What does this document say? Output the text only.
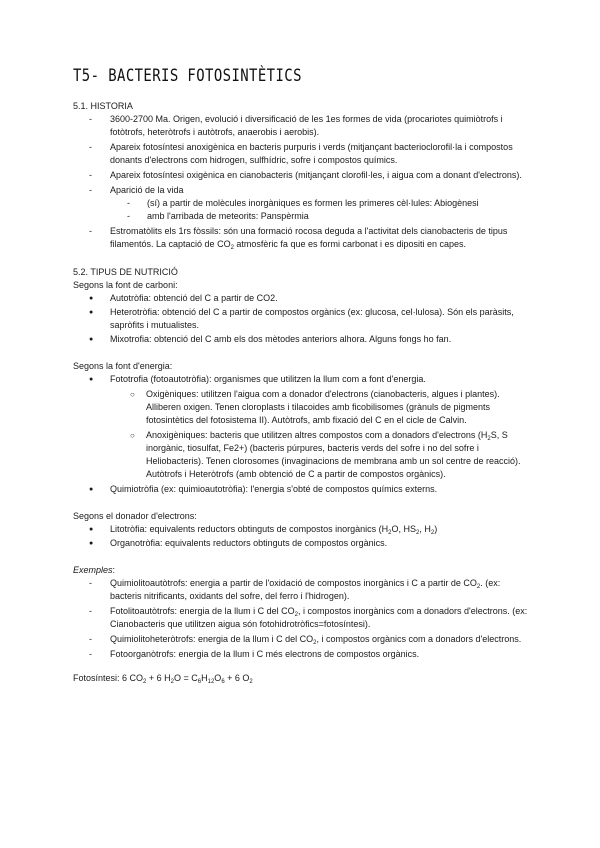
T5- BACTERIS FOTOSINTÈTICS

5.1. HISTORIA

- 3600-2700 Ma. Origen, evolució i diversificació de les 1es formes de vida (procariotes quimiòtrofs i fotòtrofs, heteròtrofs i autòtrofs, anaerobis i aerobis).
- Apareix fotosíntesi anoxigènica en bacteris purpuris i verds (mitjançant bacterioclorofil·la i compostos donants d'electrons com hidrogen, sulfhídric, sofre i compostos químics.
- Apareix fotosíntesi oxigènica en cianobacteris (mitjançant clorofil·les, i aigua com a donant d'electrons).
- Aparició de la vida
- (sí) a partir de molècules inorgàniques es formen les primeres cèl·lules: Abiogènesi
- amb l'arribada de meteorits: Panspèrmia
- Estromatòlits els 1rs fòssils: són una formació rocosa deguda a l'activitat dels cianobacteris de tipus filamentós. La captació de $CO_2$ atmosfèric fa que es formi carbonat i es dipositi en capes.

5.2. TIPUS DE NUTRICIÓ

Segons la font de carboni:

● Autotròfia: obtenció del C a partir de CO2.
● Heterotròfia: obtenció del C a partir de compostos orgànics (ex: glucosa, cel·lulosa). Són els paràsits, sapròfits i mutualistes.
● Mixotrofia: obtenció del C amb els dos mètodes anteriors alhora. Alguns fongs ho fan.

Segons la font d'energia:

● Fototrofia (fotoautotròfia): organismes que utilitzen la llum com a font d'energia.
○ Oxigèniques: utilitzen l'aigua com a donador d'electrons (cianobacteris, algues i plantes). Alliberen oxigen. Tenen cloroplasts i tilacoides amb ficobilisomes (grànuls de pigments fotosintètics del fotosistema II). Autòtrofs, amb fixació del C en el cicle de Calvin.
○ Anoxigèniques: bacteris que utilitzen altres compostos com a donadors d'electrons ($H_2S$, S inorgànic, tiosulfat, Fe2+) (bacteris púrpures, bacteris verds del sofre i no del sofre i Heliobacteris). Tenen clorosomes (invaginacions de membrana amb un sol centre de reacció). Autòtrofs i Heteròtrofs (amb obtenció de C a partir de compostos orgànics).
● Quimiotròfia (ex: quimioautotròfia): l'energia s'obté de compostos químics externs.

Segons el donador d'electrons:

● Litotròfia: equivalents reductors obtinguts de compostos inorgànics ($H_2O$, $HS_2$, $H_2$)
● Organotròfia: equivalents reductors obtinguts de compostos orgànics.

Exemples:

- Quimiolitoautòtrofs: energia a partir de l'oxidació de compostos inorgànics i C a partir de $CO_2$. (ex: bacteris nitrificants, oxidants del sofre, del ferro i l'hidrogen).
- Fotolitoautòtrofs: energia de la llum i C del $CO_2$, i compostos inorgànics com a donadors d'electrons. (ex: Cianobacteris que utilitzen aigua són fotohidrotròfics=fotosíntesi).
- Quimiolitoheteròtrofs: energia de la llum i C del $CO_2$, i compostos orgànics com a donadors d'electrons.
- Fotoorganòtrofs: energia de la llum i C més electrons de compostos orgànics.

Fotosíntesi: 6 $CO_2 + 6$ $H_2O = C_6H_{12}O_6 + 6$ $O_2$
